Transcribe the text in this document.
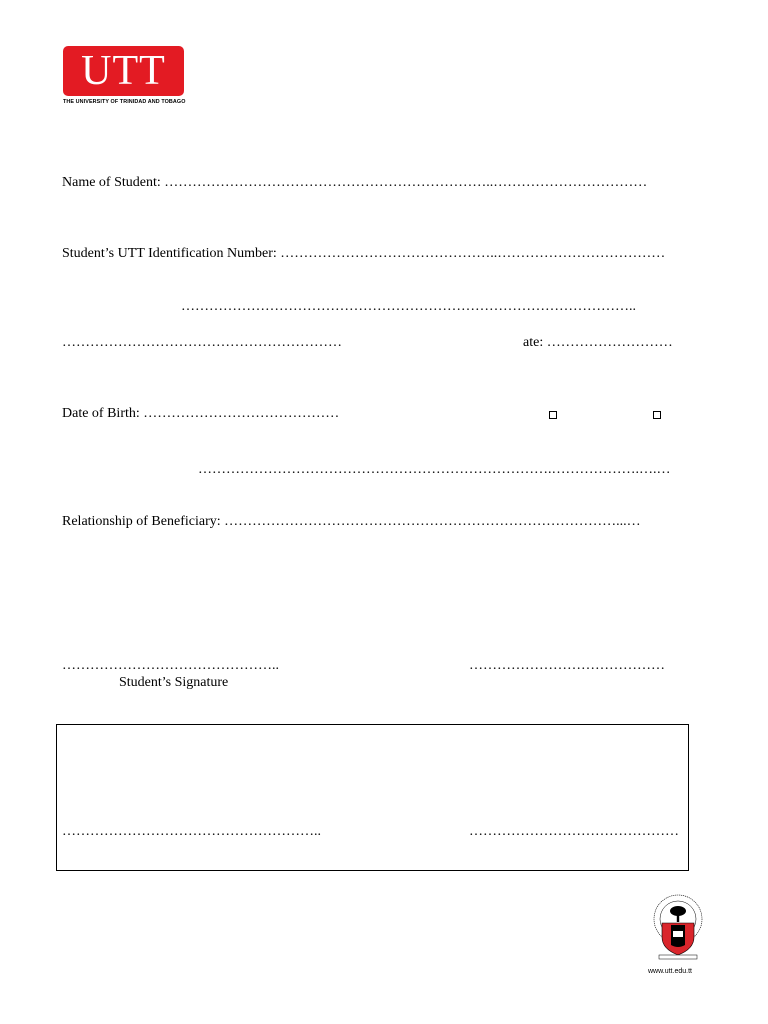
UTT
THE UNIVERSITY OF TRINIDAD AND TOBAGO
Name of Student: ……………………………………………………………..……………………………
Student’s UTT Identification Number: ………………………………………..………………………………
……………………………………………………………………………………..
……………………………………………………	ate: ………………………
Date of Birth: ……………………………………
………………………………………………………………….……………….….…
Relationship of Beneficiary: …………………………………………………………………………...…
………………………………………..	……………………………………
Student’s Signature
………………………………………………..	………………………………………
www.utt.edu.tt
